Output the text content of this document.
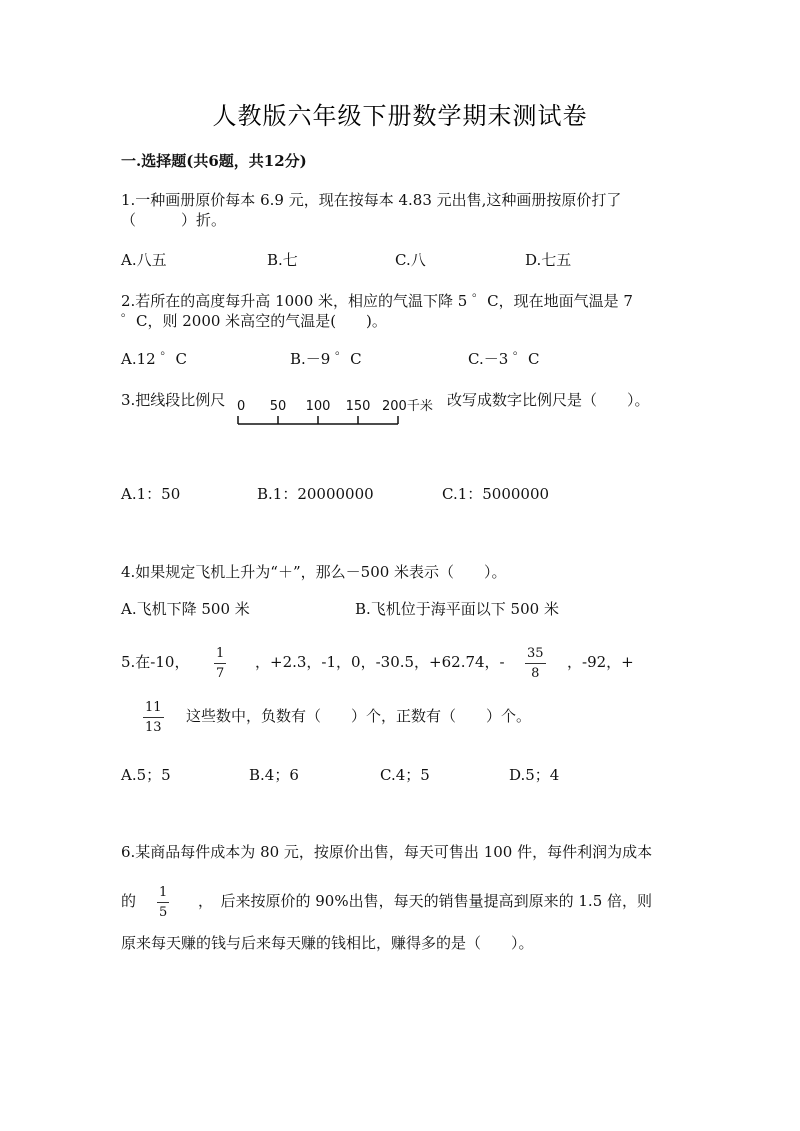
人教版六年级下册数学期末测试卷
一.选择题(共6题，共12分)
1.一种画册原价每本 6.9 元，现在按每本 4.83 元出售,这种画册按原价打了
（　　　）折。
A.八五	B.七	C.八	D.七五
2.若所在的高度每升高 1000 米，相应的气温下降 5 ゜C，现在地面气温是 7
゜C，则 2000 米高空的气温是(　　)。
A.12 ゜C	B.－9 ゜C	C.－3 ゜C
3.把线段比例尺 0 50 100 150 200千米 改写成数字比例尺是（　　）。
A.1：50	B.1：20000000	C.1：5000000
4.如果规定飞机上升为“＋”，那么－500 米表示（　　）。
A.飞机下降 500 米	B.飞机位于海平面以下 500 米
5.在-10， 1
7
，+2.3，-1，0，-30.5，+62.74，- 35
8
，-92，+
11
13
这些数中，负数有（　　）个，正数有（　　）个。
A.5；5	B.4；6	C.4；5	D.5；4
6.某商品每件成本为 80 元，按原价出售，每天可售出 100 件，每件利润为成本
的 1
5
，　后来按原价的 90%出售，每天的销售量提高到原来的 1.5 倍，则
原来每天赚的钱与后来每天赚的钱相比，赚得多的是（　　）。
